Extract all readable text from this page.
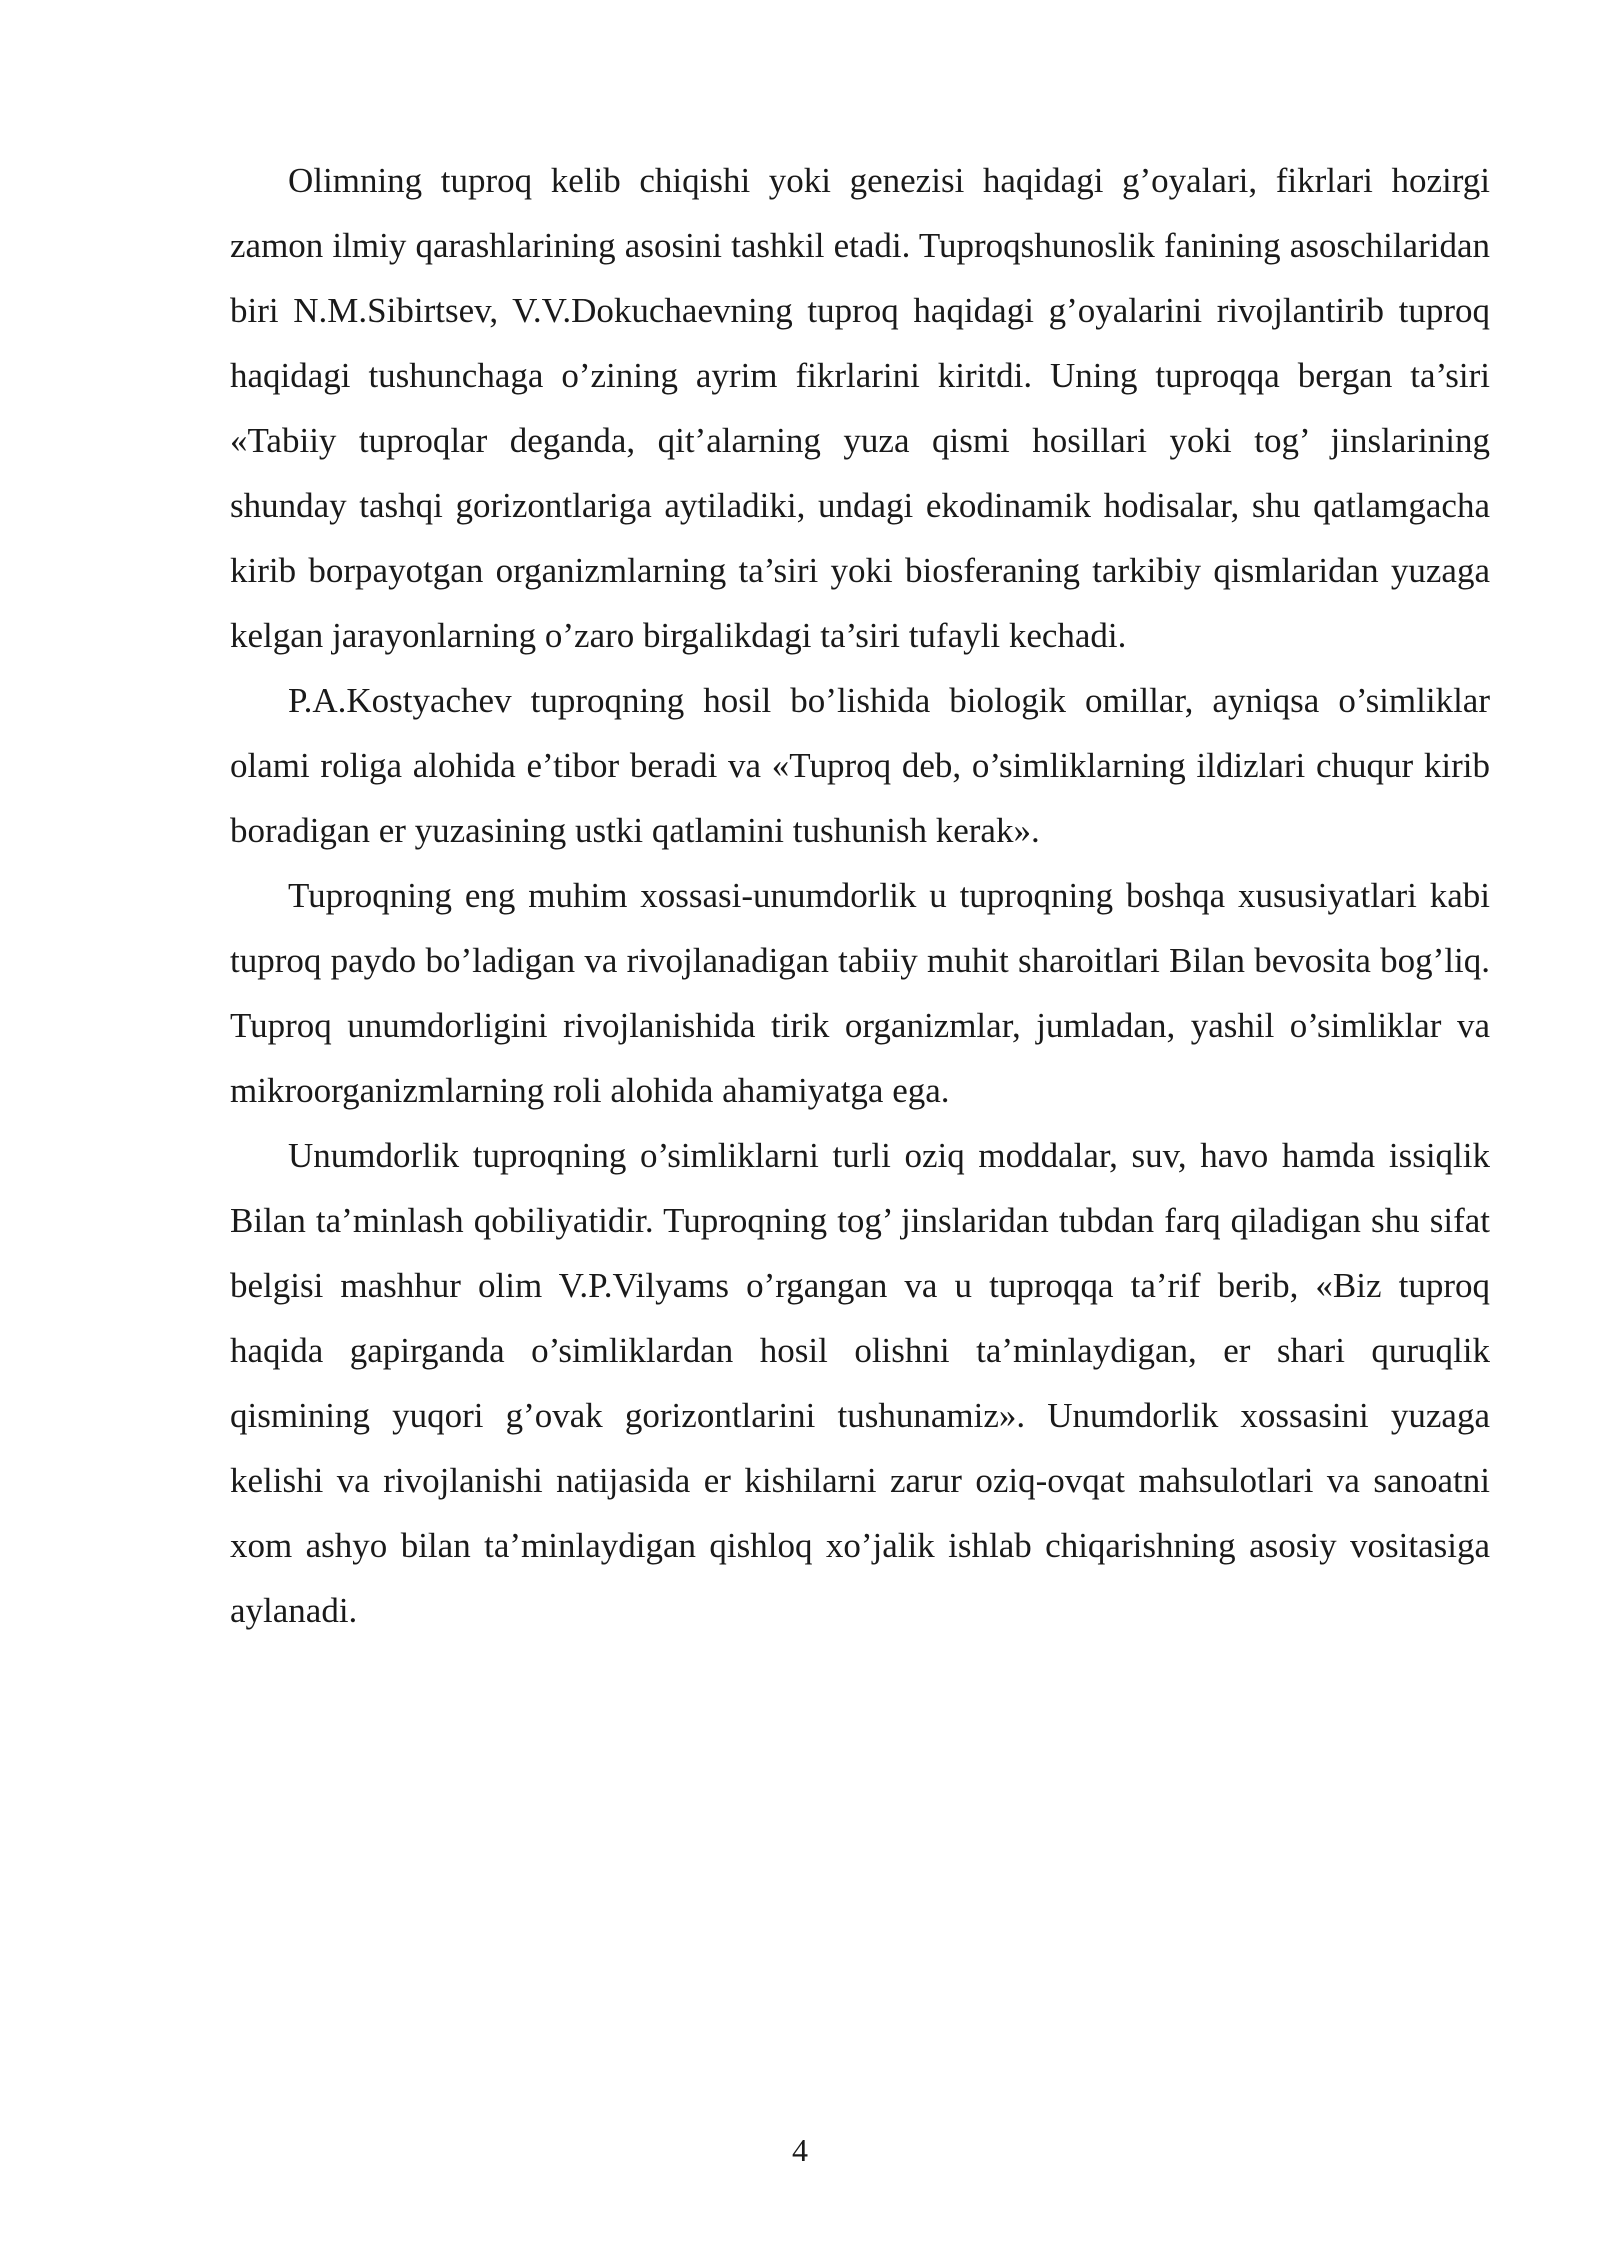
Olimning tuproq kelib chiqishi yoki genezisi haqidagi g’oyalari, fikrlari hozirgi zamon ilmiy qarashlarining asosini tashkil etadi. Tuproqshunoslik fanining asoschilaridan biri N.M.Sibirtsev, V.V.Dokuchaevning tuproq haqidagi g’oyalarini rivojlantirib tuproq haqidagi tushunchaga o’zining ayrim fikrlarini kiritdi. Uning tuproqqa bergan ta’siri «Tabiiy tuproqlar deganda, qit’alarning yuza qismi hosillari yoki tog’ jinslarining shunday tashqi gorizontlariga aytiladiki, undagi ekodinamik hodisalar, shu qatlamgacha kirib borpayotgan organizmlarning ta’siri yoki biosferaning tarkibiy qismlaridan yuzaga kelgan jarayonlarning o’zaro birgalikdagi ta’siri tufayli kechadi.

P.A.Kostyachev tuproqning hosil bo’lishida biologik omillar, ayniqsa o’simliklar olami roliga alohida e’tibor beradi va «Tuproq deb, o’simliklarning ildizlari chuqur kirib boradigan er yuzasining ustki qatlamini tushunish kerak».

Tuproqning eng muhim xossasi-unumdorlik u tuproqning boshqa xususiyatlari kabi tuproq paydo bo’ladigan va rivojlanadigan tabiiy muhit sharoitlari Bilan bevosita bog’liq. Tuproq unumdorligini rivojlanishida tirik organizmlar, jumladan, yashil o’simliklar va mikroorganizmlarning roli alohida ahamiyatga ega.

Unumdorlik tuproqning o’simliklarni turli oziq moddalar, suv, havo hamda issiqlik Bilan ta’minlash qobiliyatidir. Tuproqning tog’ jinslaridan tubdan farq qiladigan shu sifat belgisi mashhur olim V.P.Vilyams o’rgangan va u tuproqqa ta’rif berib, «Biz tuproq haqida gapirganda o’simliklardan hosil olishni ta’minlaydigan, er shari quruqlik qismining yuqori g’ovak gorizontlarini tushunamiz». Unumdorlik xossasini yuzaga kelishi va rivojlanishi natijasida er kishilarni zarur oziq-ovqat mahsulotlari va sanoatni xom ashyo bilan ta’minlaydigan qishloq xo’jalik ishlab chiqarishning asosiy vositasiga aylanadi.

4
